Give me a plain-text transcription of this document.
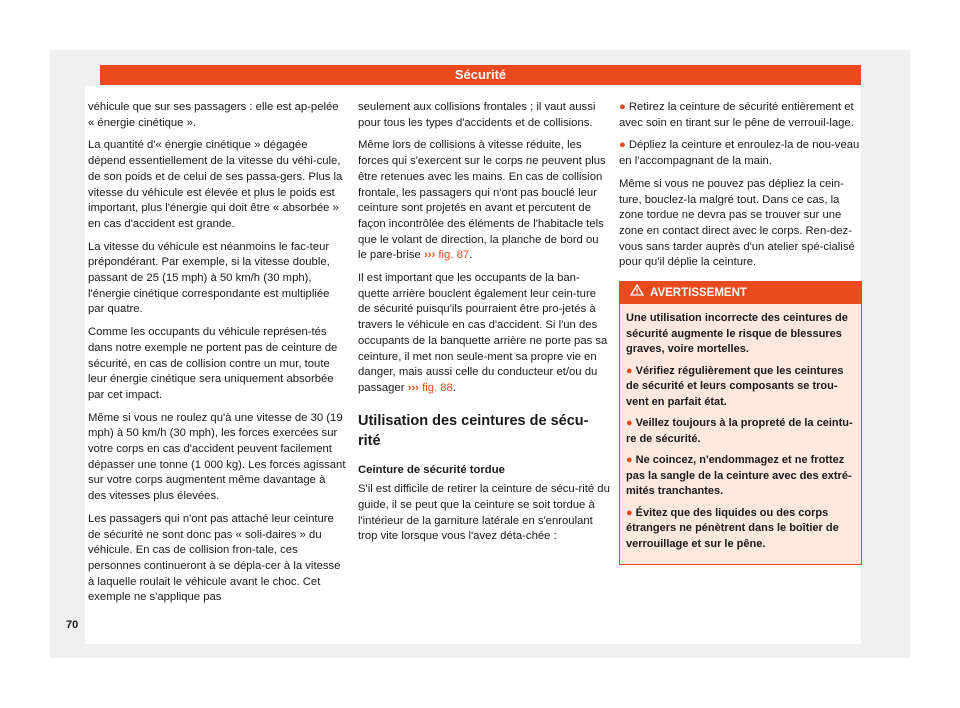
Sécurité

véhicule que sur ses passagers : elle est ap-pelée « énergie cinétique ».

La quantité d'« énergie cinétique » dégagée dépend essentiellement de la vitesse du véhi-cule, de son poids et de celui de ses passa-gers. Plus la vitesse du véhicule est élevée et plus le poids est important, plus l'énergie qui doit être « absorbée » en cas d'accident est grande.

La vitesse du véhicule est néanmoins le fac-teur prépondérant. Par exemple, si la vitesse double, passant de 25 (15 mph) à 50 km/h (30 mph), l'énergie cinétique correspondante est multipliée par quatre.

Comme les occupants du véhicule représen-tés dans notre exemple ne portent pas de ceinture de sécurité, en cas de collision contre un mur, toute leur énergie cinétique sera uniquement absorbée par cet impact.

Même si vous ne roulez qu'à une vitesse de 30 (19 mph) à 50 km/h (30 mph), les forces exercées sur votre corps en cas d'accident peuvent facilement dépasser une tonne (1 000 kg). Les forces agissant sur votre corps augmentent même davantage à des vitesses plus élevées.

Les passagers qui n'ont pas attaché leur ceinture de sécurité ne sont donc pas « soli-daires » du véhicule. En cas de collision fron-tale, ces personnes continueront à se dépla-cer à la vitesse à laquelle roulait le véhicule avant le choc. Cet exemple ne s'applique pas

seulement aux collisions frontales ; il vaut aussi pour tous les types d'accidents et de collisions.

Même lors de collisions à vitesse réduite, les forces qui s'exercent sur le corps ne peuvent plus être retenues avec les mains. En cas de collision frontale, les passagers qui n'ont pas bouclé leur ceinture sont projetés en avant et percutent de façon incontrôlée des éléments de l'habitacle tels que le volant de direction, la planche de bord ou le pare-brise ››› fig. 87.

Il est important que les occupants de la ban-quette arrière bouclent également leur cein-ture de sécurité puisqu'ils pourraient être pro-jetés à travers le véhicule en cas d'accident. Si l'un des occupants de la banquette arrière ne porte pas sa ceinture, il met non seule-ment sa propre vie en danger, mais aussi celle du conducteur et/ou du passager ››› fig. 88.

Utilisation des ceintures de sécu-rité
Ceinture de sécurité tordue

S'il est difficile de retirer la ceinture de sécu-rité du guide, il se peut que la ceinture se soit tordue à l'intérieur de la garniture latérale en s'enroulant trop vite lorsque vous l'avez déta-chée :

● Retirez la ceinture de sécurité entièrement et avec soin en tirant sur le pêne de verrouil-lage.

● Dépliez la ceinture et enroulez-la de nou-veau en l'accompagnant de la main.

Même si vous ne pouvez pas dépliez la cein-ture, bouclez-la malgré tout. Dans ce cas, la zone tordue ne devra pas se trouver sur une zone en contact direct avec le corps. Ren-dez-vous sans tarder auprès d'un atelier spé-cialisé pour qu'il déplie la ceinture.

AVERTISSEMENT

Une utilisation incorrecte des ceintures de sécurité augmente le risque de blessures graves, voire mortelles.

● Vérifiez régulièrement que les ceintures de sécurité et leurs composants se trou-vent en parfait état.

● Veillez toujours à la propreté de la ceintu-re de sécurité.

● Ne coincez, n'endommagez et ne frottez pas la sangle de la ceinture avec des extré-mités tranchantes.

● Évitez que des liquides ou des corps étrangers ne pénètrent dans le boîtier de verrouillage et sur le pêne.

70
